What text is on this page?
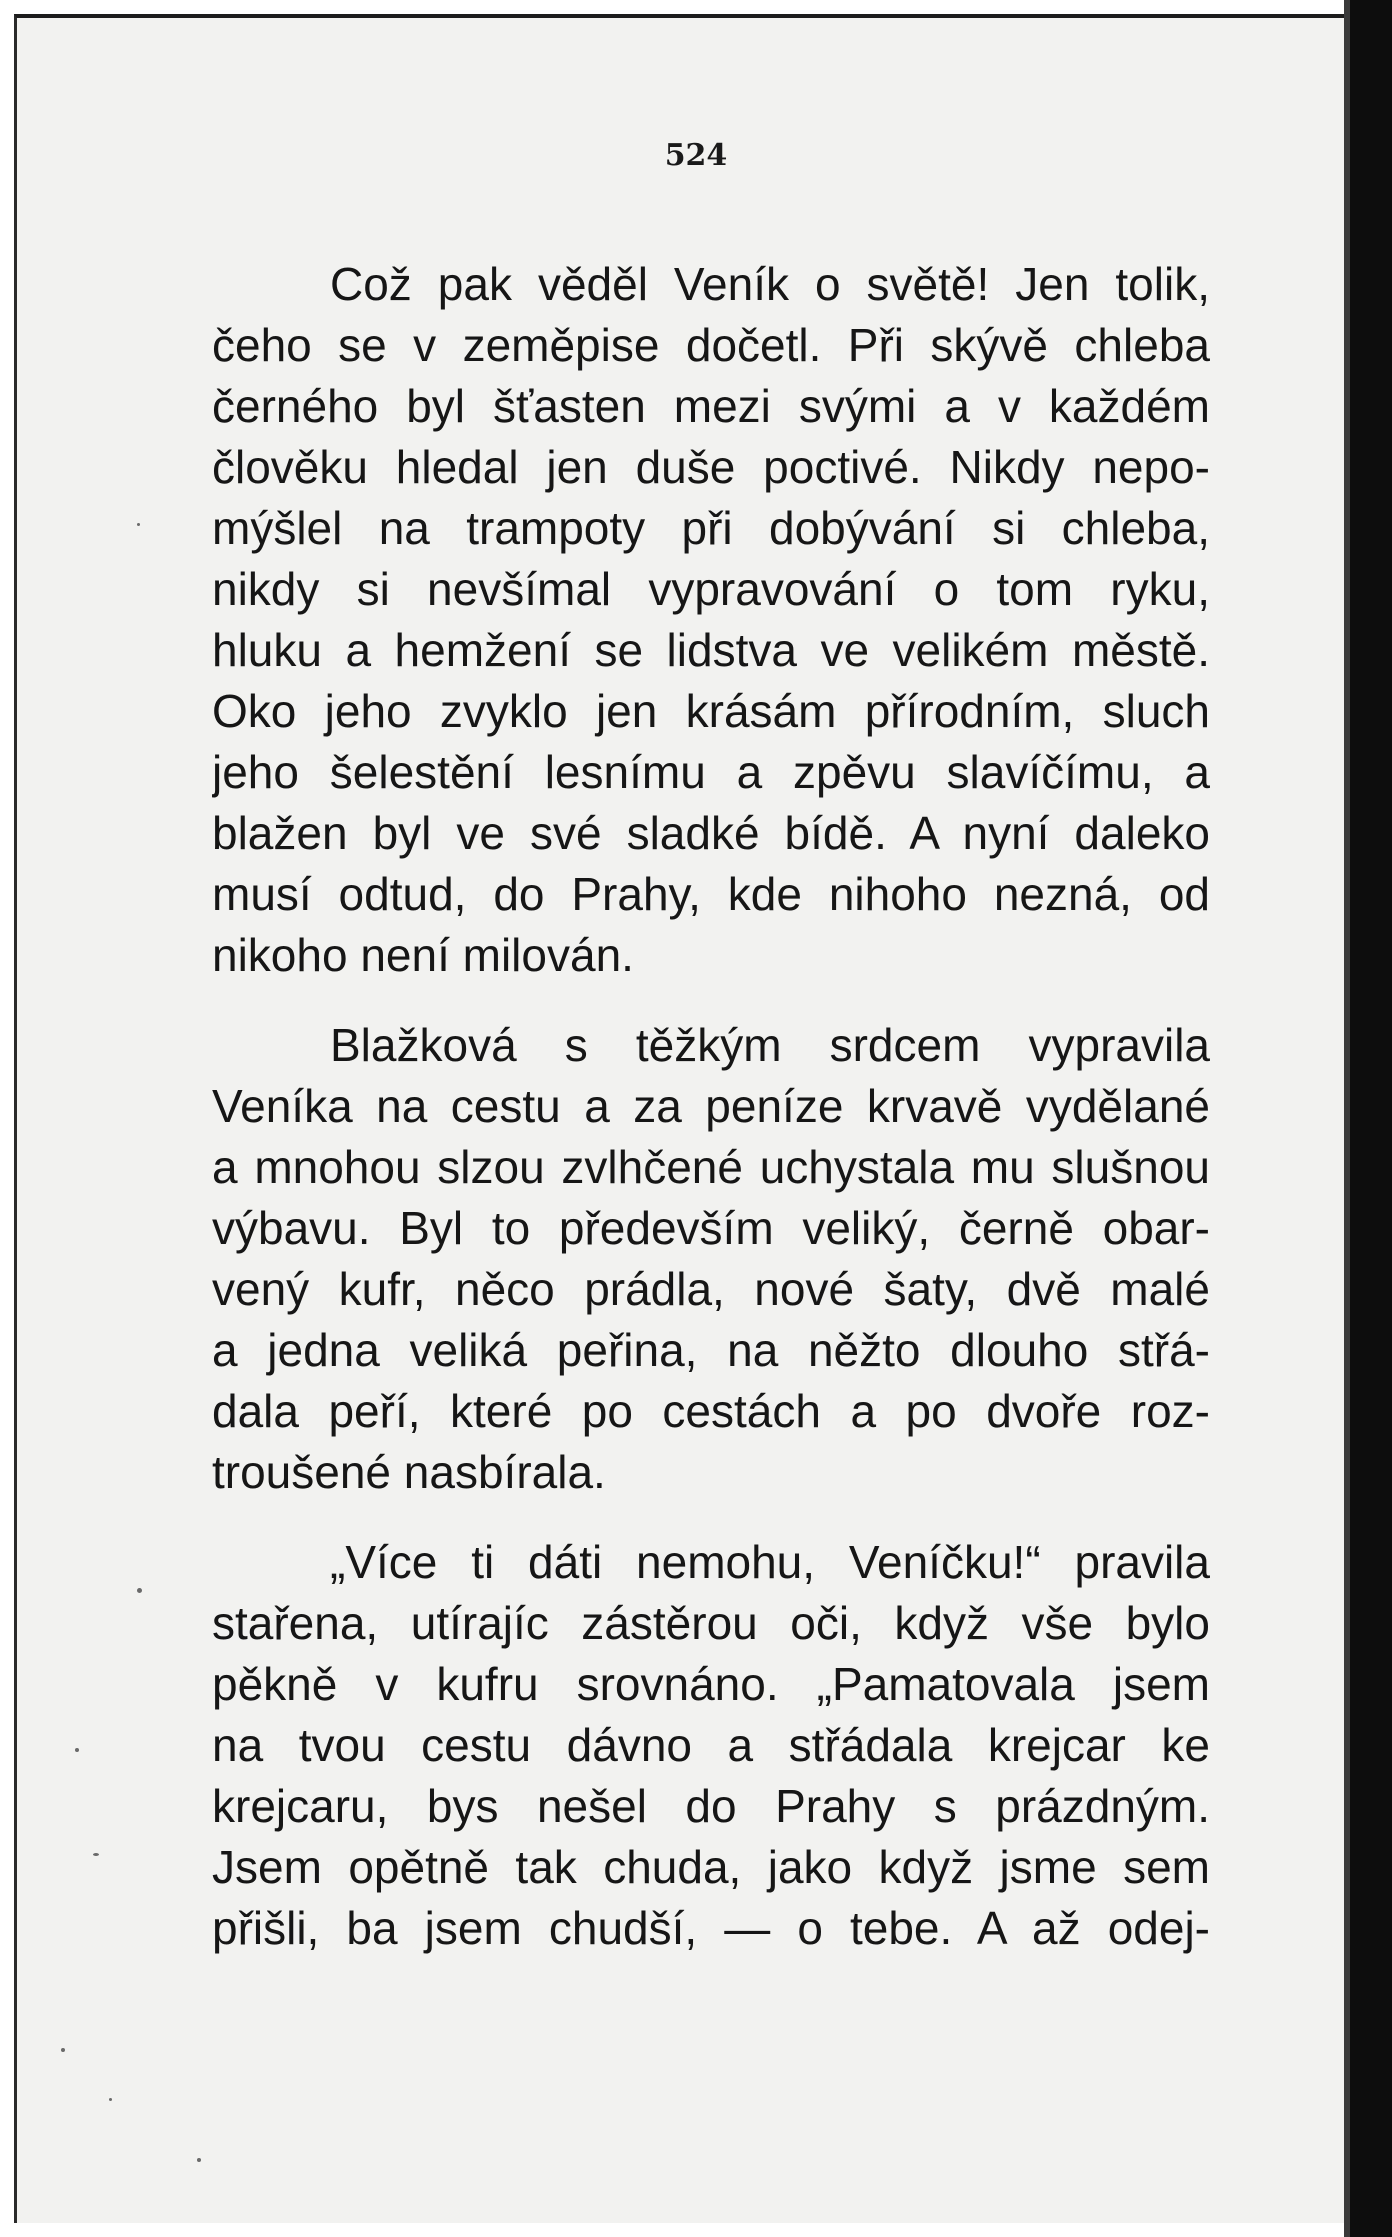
524
Což pak věděl Veník o světě! Jen tolik,
čeho se v zeměpise dočetl. Při skývě chleba
černého byl šťasten mezi svými a v každém
člověku hledal jen duše poctivé. Nikdy nepo-
mýšlel na trampoty při dobývání si chleba,
nikdy si nevšímal vypravování o tom ryku,
hluku a hemžení se lidstva ve velikém městě.
Oko jeho zvyklo jen krásám přírodním, sluch
jeho šelestění lesnímu a zpěvu slavíčímu, a
blažen byl ve své sladké bídě. A nyní daleko
musí odtud, do Prahy, kde nihoho nezná, od
nikoho není milován.
Blažková s těžkým srdcem vypravila
Veníka na cestu a za peníze krvavě vydělané
a mnohou slzou zvlhčené uchystala mu slušnou
výbavu. Byl to především veliký, černě obar-
vený kufr, něco prádla, nové šaty, dvě malé
a jedna veliká peřina, na něžto dlouho střá-
dala peří, které po cestách a po dvoře roz-
troušené nasbírala.
„Více ti dáti nemohu, Veníčku!“ pravila
stařena, utírajíc zástěrou oči, když vše bylo
pěkně v kufru srovnáno. „Pamatovala jsem
na tvou cestu dávno a střádala krejcar ke
krejcaru, bys nešel do Prahy s prázdným.
Jsem opětně tak chuda, jako když jsme sem
přišli, ba jsem chudší, — o tebe. A až odej-
